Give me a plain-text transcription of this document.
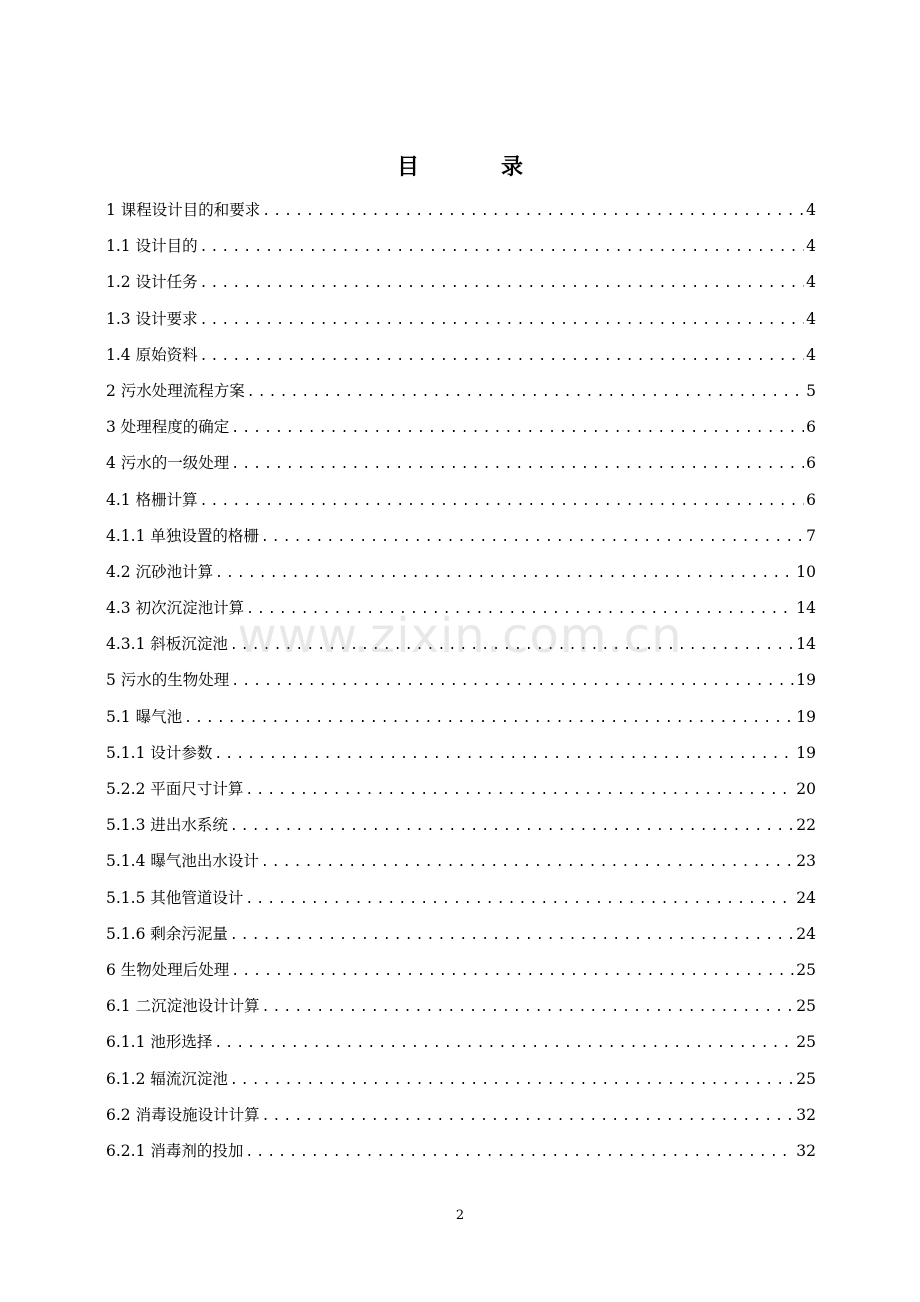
目	录
1 课程设计目的和要求 .....	4
1.1 设计目的 .....	4
1.2 设计任务 .....	4
1.3 设计要求 .....	4
1.4 原始资料 .....	4
2 污水处理流程方案 .....	5
3 处理程度的确定 .....	6
4 污水的一级处理 .....	6
4.1 格栅计算 .....	6
4.1.1 单独设置的格栅 .....	7
4.2 沉砂池计算 .....	10
4.3 初次沉淀池计算 .....	14
4.3.1 斜板沉淀池 .....	14
5 污水的生物处理 .....	19
5.1 曝气池 .....	19
5.1.1 设计参数 .....	19
5.2.2 平面尺寸计算 .....	20
5.1.3 进出水系统 .....	22
5.1.4 曝气池出水设计 .....	23
5.1.5 其他管道设计 .....	24
5.1.6 剩余污泥量 .....	24
6 生物处理后处理 .....	25
6.1 二沉淀池设计计算 .....	25
6.1.1 池形选择 .....	25
6.1.2 辐流沉淀池 .....	25
6.2 消毒设施设计计算 .....	32
6.2.1 消毒剂的投加 .....	32
www.zixin.com.cn
2
